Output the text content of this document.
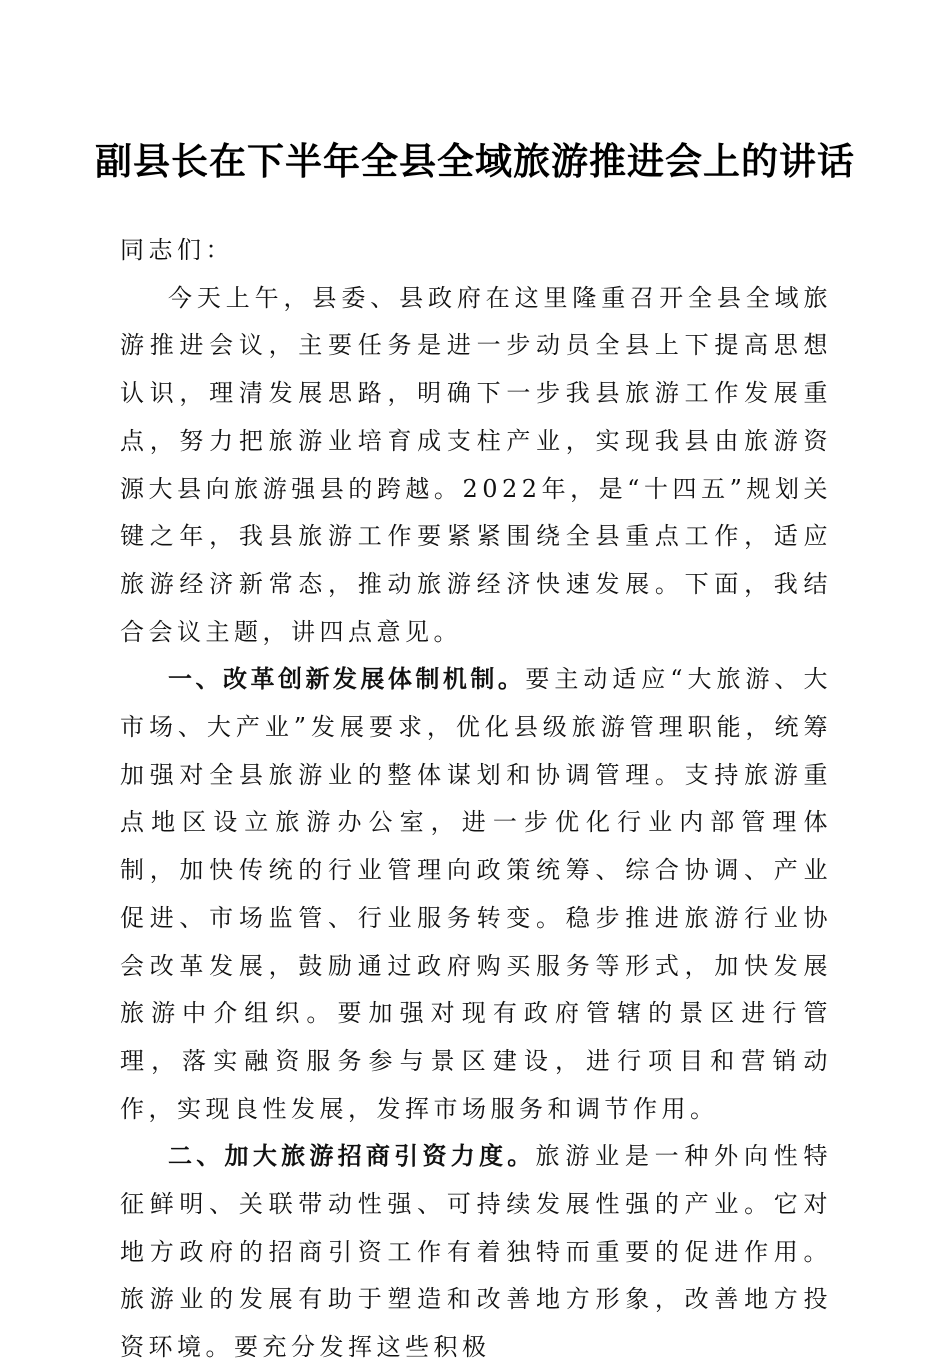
副县长在下半年全县全域旅游推进会上的讲话

同志们：

今天上午，县委、县政府在这里隆重召开全县全域旅游推进会议，主要任务是进一步动员全县上下提高思想认识，理清发展思路，明确下一步我县旅游工作发展重点，努力把旅游业培育成支柱产业，实现我县由旅游资源大县向旅游强县的跨越。2022年，是“十四五”规划关键之年，我县旅游工作要紧紧围绕全县重点工作，适应旅游经济新常态，推动旅游经济快速发展。下面，我结合会议主题，讲四点意见。

一、改革创新发展体制机制。要主动适应“大旅游、大市场、大产业”发展要求，优化县级旅游管理职能，统筹加强对全县旅游业的整体谋划和协调管理。支持旅游重点地区设立旅游办公室，进一步优化行业内部管理体制，加快传统的行业管理向政策统筹、综合协调、产业促进、市场监管、行业服务转变。稳步推进旅游行业协会改革发展，鼓励通过政府购买服务等形式，加快发展旅游中介组织。要加强对现有政府管辖的景区进行管理，落实融资服务参与景区建设，进行项目和营销动作，实现良性发展，发挥市场服务和调节作用。

二、加大旅游招商引资力度。旅游业是一种外向性特征鲜明、关联带动性强、可持续发展性强的产业。它对地方政府的招商引资工作有着独特而重要的促进作用。旅游业的发展有助于塑造和改善地方形象，改善地方投资环境。要充分发挥这些积极
